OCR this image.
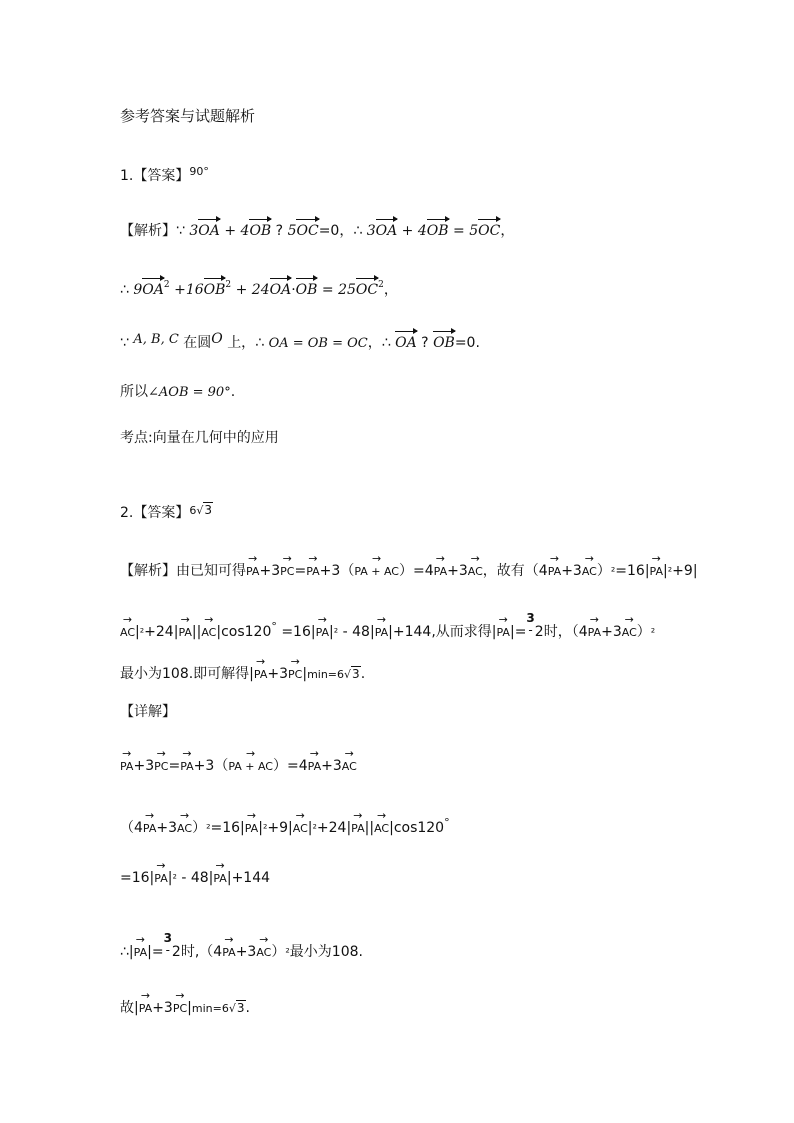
参考答案与试题解析
1.【答案】$^{90^\circ}$
【解析】∵ 3OA + 4OB ? 5OC=0，∴ 3OA + 4OB = 5OC，
∴ $9OA^2 +16OB^2 + 24OA\cdot OB = 25OC^2$，
∵ A, B, C 在圆O 上，∴ OA = OB = OC，∴ OA ? OB=0.
所以∠AOB = 90°.
考点:向量在几何中的应用
2.【答案】$^{6√}$3
【解析】由已知可得→ PA+3→ PC=→ PA+3（→ PA + AC）=4→ PA+3→ AC，故有（4→ PA+3→ AC）²=16|→ PA|²+9|
→ AC|²+24|→ PA||→ AC|cos120° =16|→ PA|² - 48|→ PA|+144,从而求得|→ PA|=
3
- 2时，（4→ PA+3→ AC）²
最小为108.即可解得|→ PA+3→ PC|min=6√3.
【详解】
→ PA+3→ PC=→ PA+3（→ PA + AC）=4→ PA+3→ AC
（4→ PA+3→ AC）²=16|→ PA|²+9|→ AC|²+24|→ PA||→ AC|cos120°
=16|→ PA|² - 48|→ PA|+144
∴|→ PA|=
3
- 2时,（4→ PA+3→ AC）²最小为108.
故|→ PA+3→ PC|min=6√3.
